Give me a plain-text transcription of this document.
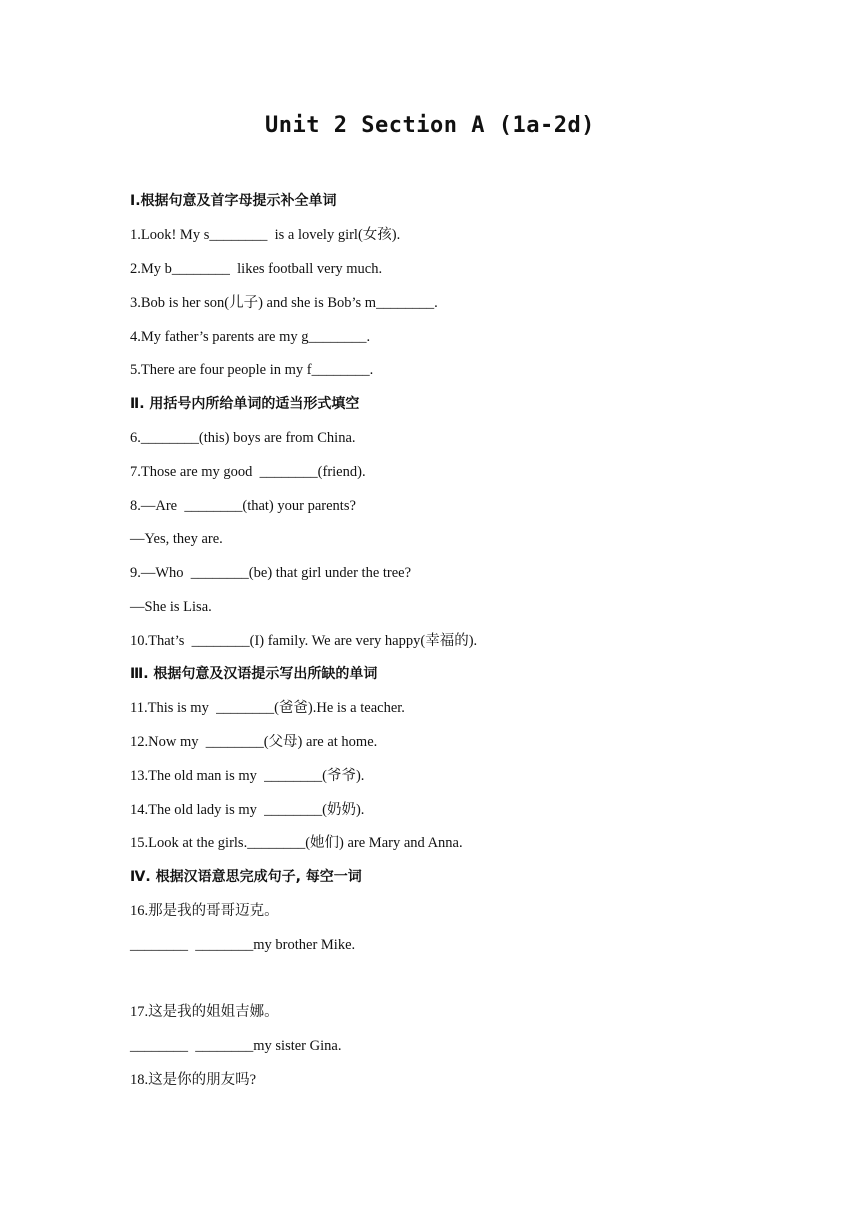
Unit 2 Section A (1a-2d)
Ⅰ.根据句意及首字母提示补全单词
1.Look! My s________  is a lovely girl(女孩).
2.My b________  likes football very much.
3.Bob is her son(儿子) and she is Bob’s m________.
4.My father’s parents are my g________.
5.There are four people in my f________.
Ⅱ. 用括号内所给单词的适当形式填空
6.________(this) boys are from China.
7.Those are my good  ________(friend).
8.—Are  ________(that) your parents?
—Yes, they are.
9.—Who  ________(be) that girl under the tree?
—She is Lisa.
10.That’s  ________(I) family. We are very happy(幸福的).
Ⅲ. 根据句意及汉语提示写出所缺的单词
11.This is my  ________(爸爸).He is a teacher.
12.Now my  ________(父母) are at home.
13.The old man is my  ________(爷爷).
14.The old lady is my  ________(奶奶).
15.Look at the girls.________(她们) are Mary and Anna.
Ⅳ. 根据汉语意思完成句子, 每空一词
16.那是我的哥哥迈克。
________  ________my brother Mike.
17.这是我的姐姐吉娜。
________  ________my sister Gina.
18.这是你的朋友吗?
